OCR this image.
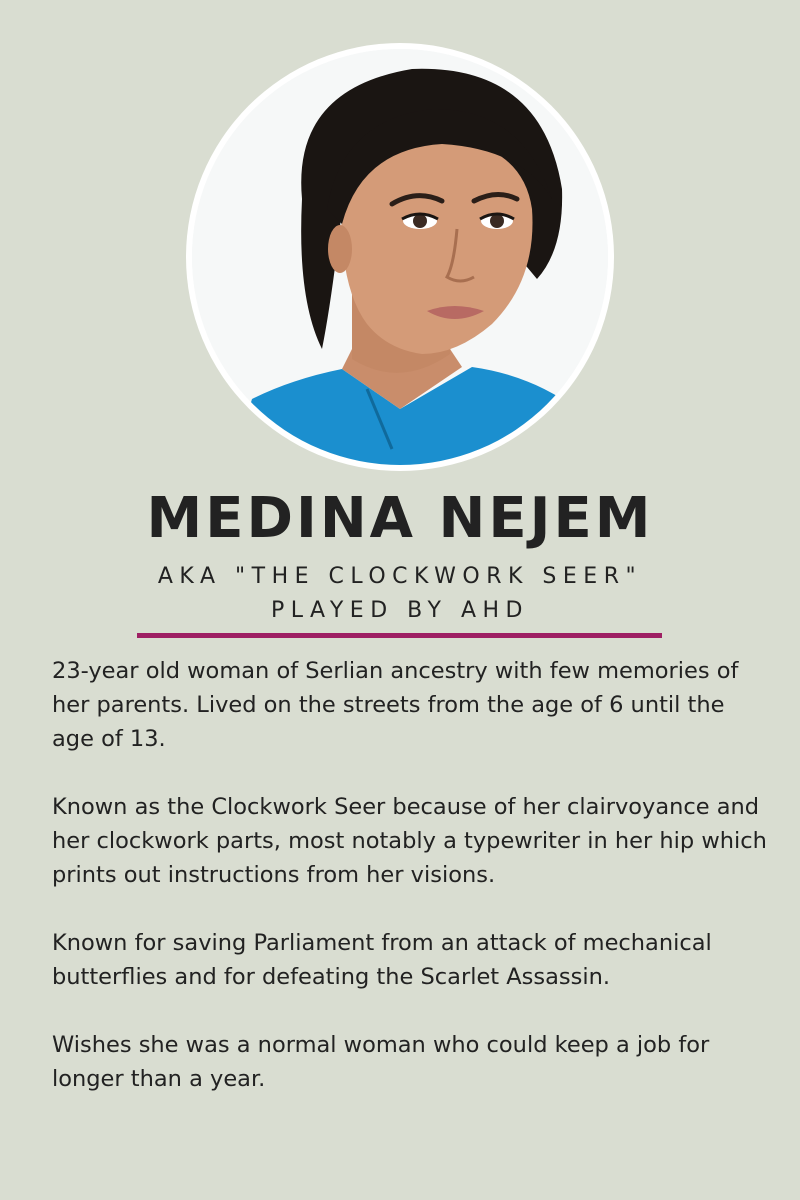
MEDINA NEJEM
AKA "THE CLOCKWORK SEER"
PLAYED BY AHD

23-year old woman of Serlian ancestry with few memories of her parents. Lived on the streets from the age of 6 until the age of 13.

Known as the Clockwork Seer because of her clairvoyance and her clockwork parts, most notably a typewriter in her hip which prints out instructions from her visions.

Known for saving Parliament from an attack of mechanical butterflies and for defeating the Scarlet Assassin.

Wishes she was a normal woman who could keep a job for longer than a year.
